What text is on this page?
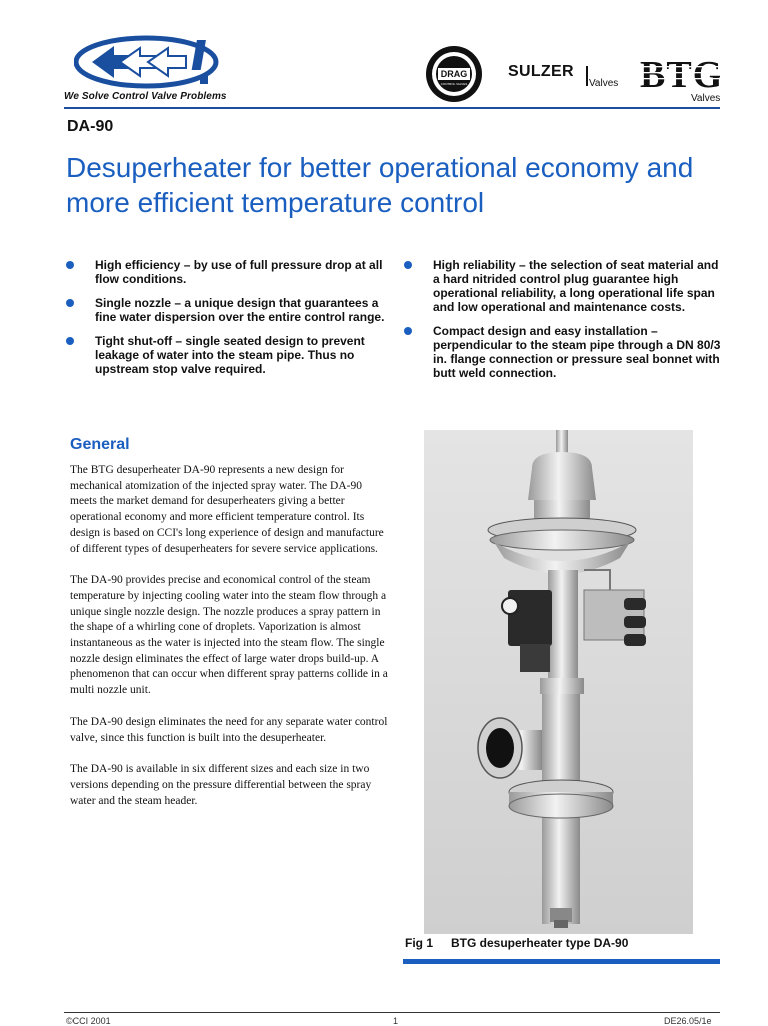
We Solve Control Valve Problems
DRAG
CONTROL VALVES
SULZER
Valves
Valves
DA-90
Desuperheater for better operational economy and more efficient temperature control
High efficiency – by use of full pressure drop at all flow conditions.
Single nozzle – a unique design that guarantees a fine water dispersion over the entire control range.
Tight shut-off – single seated design to prevent leakage of water into the steam pipe. Thus no upstream stop valve required.
High reliability – the selection of seat material and a hard nitrided control plug guarantee high operational reliability, a long operational life span and low operational and maintenance costs.
Compact design and easy installation – perpendicular to the steam pipe through a DN 80/3 in. flange connection or pressure seal bonnet with butt weld connection.
General

The BTG desuperheater DA-90 represents a new design for mechanical atomization of the injected spray water. The DA-90 meets the market demand for desuperheaters giving a better operational economy and more efficient temperature control. Its design is based on CCI's long experience of design and manufacture of different types of desuperheaters for severe service applications.

The DA-90 provides precise and economical control of the steam temperature by injecting cooling water into the steam flow through a unique single nozzle design. The nozzle produces a spray pattern in the shape of a whirling cone of droplets. Vaporization is almost instantaneous as the water is injected into the steam flow. The single nozzle design eliminates the effect of large water drops build-up. A phenomenon that can occur when different spray patterns collide in a multi nozzle unit.

The DA-90 design eliminates the need for any separate water control valve, since this function is built into the desuperheater.

The DA-90 is available in six different sizes and each size in two versions depending on the pressure differential between the spray water and the steam header.

Fig 1 BTG desuperheater type DA-90
©CCI 2001	1	DE26.05/1e
